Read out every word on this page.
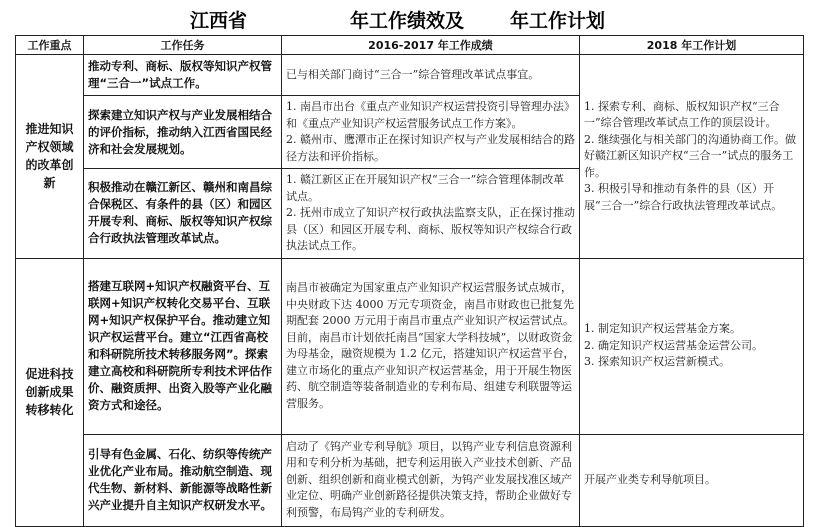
江西省	年工作绩效及 年工作计划
工作重点	工作任务	2016-2017 年工作成绩	2018 年工作计划
推进知识产权领域的改革创新	推动专利、商标、版权等知识产权管理“三合一”试点工作。	已与相关部门商讨“三合一”综合管理改革试点事宜。	1. 探索专利、商标、版权知识产权“三合一”综合管理改革试点工作的顶层设计。
2. 继续强化与相关部门的沟通协商工作。做好赣江新区知识产权“三合一”试点的服务工作。
3. 积极引导和推动有条件的县（区）开展“三合一”综合行政执法管理改革试点。

	探索建立知识产权与产业发展相结合的评价指标，推动纳入江西省国民经济和社会发展规划。	1. 南昌市出台《重点产业知识产权运营投资引导管理办法》和《重点产业知识产权运营服务试点工作方案》。
2. 赣州市、鹰潭市正在探讨知识产权与产业发展相结合的路径方法和评价指标。	

	积极推动在赣江新区、赣州和南昌综合保税区、有条件的县（区）和园区开展专利、商标、版权等知识产权综合行政执法管理改革试点。	1. 赣江新区正在开展知识产权“三合一”综合管理体制改革试点。
2. 抚州市成立了知识产权行政执法监察支队，正在探讨推动县（区）和园区开展专利、商标、版权等知识产权综合行政执法试点工作。	

促进科技创新成果转移转化	搭建互联网+知识产权融资平台、互联网+知识产权转化交易平台、互联网+知识产权保护平台。推动建立知识产权运营平台。建立“江西省高校和科研院所技术转移服务网”。探索建立高校和科研院所专利技术评估作价、融资质押、出资入股等产业化融资方式和途径。	南昌市被确定为国家重点产业知识产权运营服务试点城市，中央财政下达 4000 万元专项资金，南昌市财政也已批复先期配套 2000 万元用于南昌市重点产业知识产权运营试点。目前，南昌市计划依托南昌“国家大学科技城”，以财政资金为母基金，融资规模为 1.2 亿元，搭建知识产权运营平台，建立市场化的重点产业知识产权运营基金，用于开展生物医药、航空制造等装备制造业的专利布局、组建专利联盟等运营服务。	1. 制定知识产权运营基金方案。
2. 确定知识产权运营基金运营公司。
3. 探索知识产权运营新模式。

	引导有色金属、石化、纺织等传统产业优化产业布局。推动航空制造、现代生物、新材料、新能源等战略性新兴产业提升自主知识产权研发水平。	启动了《钨产业专利导航》项目，以钨产业专利信息资源利用和专利分析为基础，把专利运用嵌入产业技术创新、产品创新、组织创新和商业模式创新，为钨产业发展找准区域产业定位、明确产业创新路径提供决策支持，帮助企业做好专利预警，布局钨产业的专利研发。	开展产业类专利导航项目。
